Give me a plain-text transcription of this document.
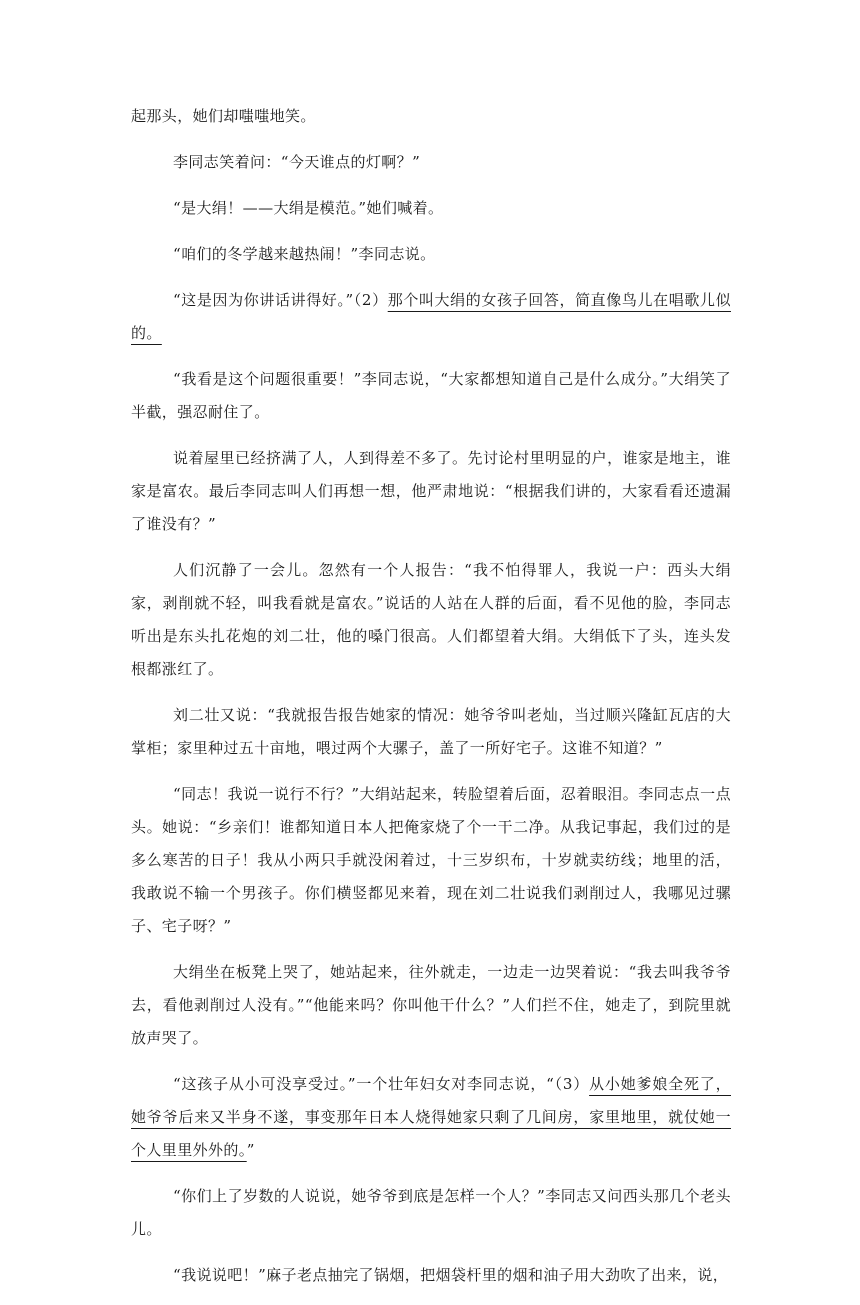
起那头，她们却嗤嗤地笑。

李同志笑着问：“今天谁点的灯啊？”

“是大绢！——大绢是模范。”她们喊着。

“咱们的冬学越来越热闹！”李同志说。

“这是因为你讲话讲得好。”（2）那个叫大绢的女孩子回答，简直像鸟儿在唱歌儿似的。

“我看是这个问题很重要！”李同志说，“大家都想知道自己是什么成分。”大绢笑了半截，强忍耐住了。

说着屋里已经挤满了人，人到得差不多了。先讨论村里明显的户，谁家是地主，谁家是富农。最后李同志叫人们再想一想，他严肃地说：“根据我们讲的，大家看看还遗漏了谁没有？”

人们沉静了一会儿。忽然有一个人报告：“我不怕得罪人，我说一户：西头大绢家，剥削就不轻，叫我看就是富农。”说话的人站在人群的后面，看不见他的脸，李同志听出是东头扎花炮的刘二壮，他的嗓门很高。人们都望着大绢。大绢低下了头，连头发根都涨红了。

刘二壮又说：“我就报告报告她家的情况：她爷爷叫老灿，当过顺兴隆缸瓦店的大掌柜；家里种过五十亩地，喂过两个大骡子，盖了一所好宅子。这谁不知道？”

“同志！我说一说行不行？”大绢站起来，转脸望着后面，忍着眼泪。李同志点一点头。她说：“乡亲们！谁都知道日本人把俺家烧了个一干二净。从我记事起，我们过的是多么寒苦的日子！我从小两只手就没闲着过，十三岁织布，十岁就卖纺线；地里的活，我敢说不输一个男孩子。你们横竖都见来着，现在刘二壮说我们剥削过人，我哪见过骡子、宅子呀？”

大绢坐在板凳上哭了，她站起来，往外就走，一边走一边哭着说：“我去叫我爷爷去，看他剥削过人没有。”“他能来吗？你叫他干什么？”人们拦不住，她走了，到院里就放声哭了。

“这孩子从小可没享受过。”一个壮年妇女对李同志说，“（3）从小她爹娘全死了，她爷爷后来又半身不遂，事变那年日本人烧得她家只剩了几间房，家里地里，就仗她一个人里里外外的。”

“你们上了岁数的人说说，她爷爷到底是怎样一个人？”李同志又问西头那几个老头儿。

“我说说吧！”麻子老点抽完了锅烟，把烟袋杆里的烟和油子用大劲吹了出来，说，
